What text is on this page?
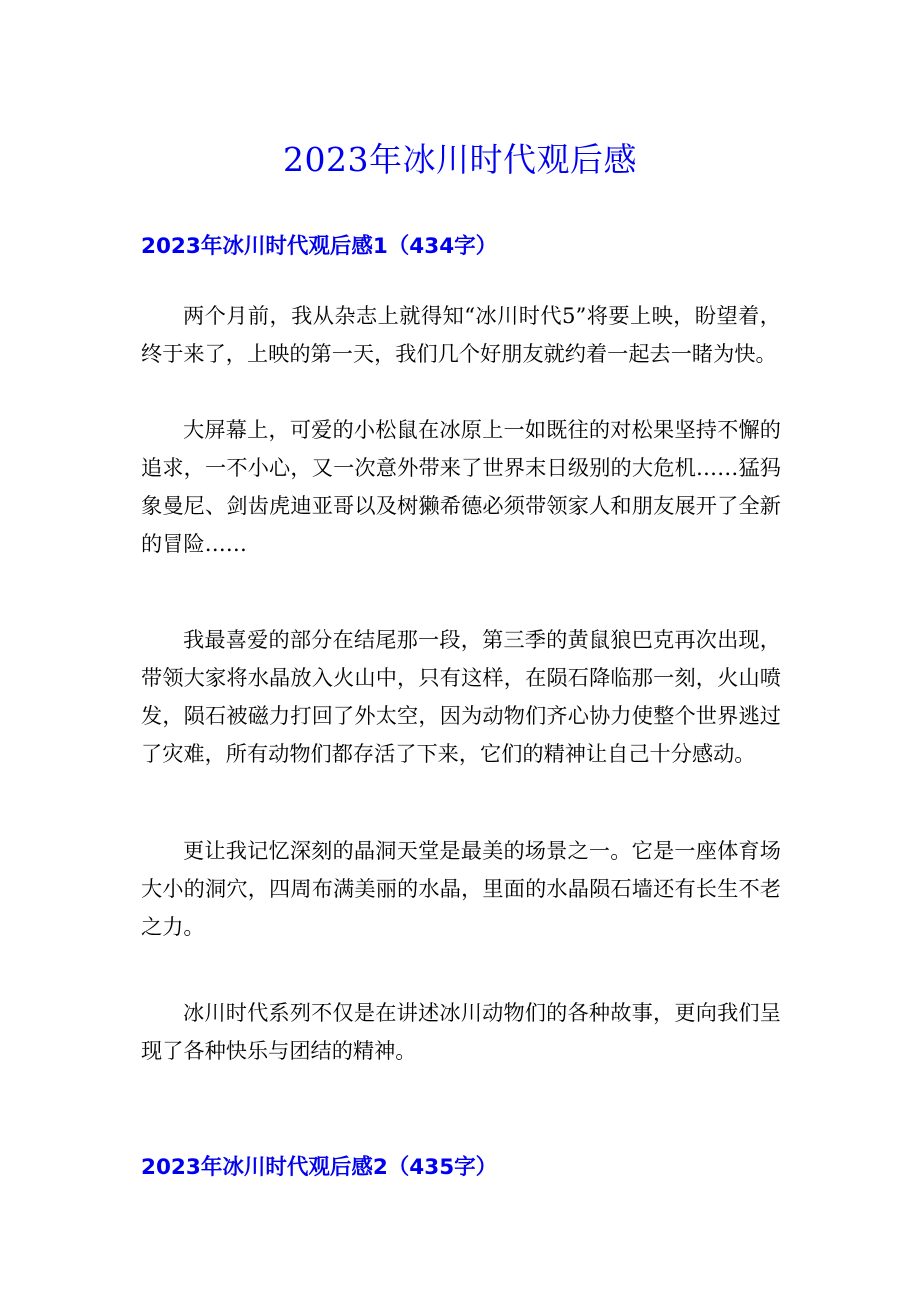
2023年冰川时代观后感
2023年冰川时代观后感1（434字）

两个月前，我从杂志上就得知“冰川时代5”将要上映，盼望着，终于来了，上映的第一天，我们几个好朋友就约着一起去一睹为快。

大屏幕上，可爱的小松鼠在冰原上一如既往的对松果坚持不懈的追求，一不小心，又一次意外带来了世界末日级别的大危机……猛犸象曼尼、剑齿虎迪亚哥以及树獭希德必须带领家人和朋友展开了全新的冒险……

我最喜爱的部分在结尾那一段，第三季的黄鼠狼巴克再次出现，带领大家将水晶放入火山中，只有这样，在陨石降临那一刻，火山喷发，陨石被磁力打回了外太空，因为动物们齐心协力使整个世界逃过了灾难，所有动物们都存活了下来，它们的精神让自己十分感动。

更让我记忆深刻的晶洞天堂是最美的场景之一。它是一座体育场大小的洞穴，四周布满美丽的水晶，里面的水晶陨石墙还有长生不老之力。

冰川时代系列不仅是在讲述冰川动物们的各种故事，更向我们呈现了各种快乐与团结的精神。

2023年冰川时代观后感2（435字）
